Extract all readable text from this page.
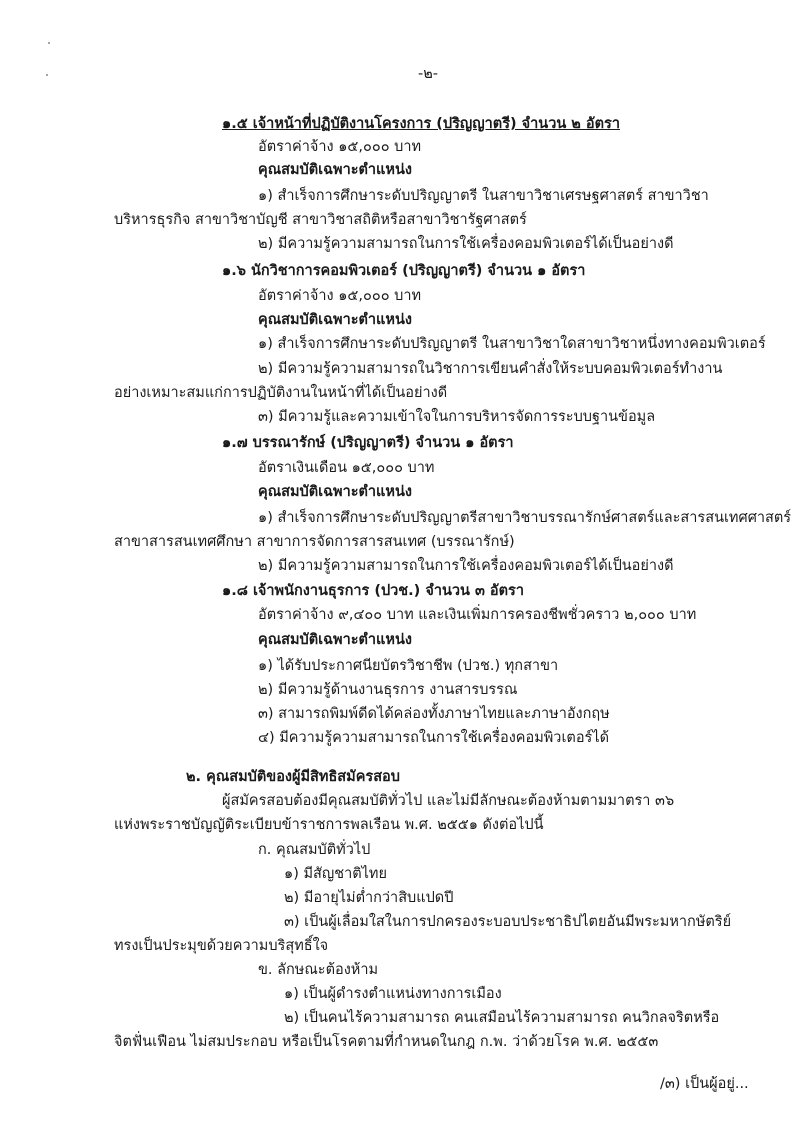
-๒-
๑.๕ เจ้าหน้าที่ปฏิบัติงานโครงการ (ปริญญาตรี) จำนวน ๒ อัตรา
อัตราค่าจ้าง ๑๕,๐๐๐ บาท
คุณสมบัติเฉพาะตำแหน่ง
๑) สำเร็จการศึกษาระดับปริญญาตรี ในสาขาวิชาเศรษฐศาสตร์ สาขาวิชา
บริหารธุรกิจ สาขาวิชาบัญชี สาขาวิชาสถิติหรือสาขาวิชารัฐศาสตร์
๒) มีความรู้ความสามารถในการใช้เครื่องคอมพิวเตอร์ได้เป็นอย่างดี
๑.๖ นักวิชาการคอมพิวเตอร์ (ปริญญาตรี) จำนวน ๑ อัตรา
อัตราค่าจ้าง ๑๕,๐๐๐ บาท
คุณสมบัติเฉพาะตำแหน่ง
๑) สำเร็จการศึกษาระดับปริญญาตรี ในสาขาวิชาใดสาขาวิชาหนึ่งทางคอมพิวเตอร์
๒) มีความรู้ความสามารถในวิชาการเขียนคำสั่งให้ระบบคอมพิวเตอร์ทำงาน
อย่างเหมาะสมแก่การปฏิบัติงานในหน้าที่ได้เป็นอย่างดี
๓) มีความรู้และความเข้าใจในการบริหารจัดการระบบฐานข้อมูล
๑.๗ บรรณารักษ์ (ปริญญาตรี) จำนวน ๑ อัตรา
อัตราเงินเดือน ๑๕,๐๐๐ บาท
คุณสมบัติเฉพาะตำแหน่ง
๑) สำเร็จการศึกษาระดับปริญญาตรีสาขาวิชาบรรณารักษ์ศาสตร์และสารสนเทศศาสตร์
สาขาสารสนเทศศึกษา สาขาการจัดการสารสนเทศ (บรรณารักษ์)
๒) มีความรู้ความสามารถในการใช้เครื่องคอมพิวเตอร์ได้เป็นอย่างดี
๑.๘ เจ้าพนักงานธุรการ (ปวช.) จำนวน ๓ อัตรา
อัตราค่าจ้าง ๙,๔๐๐ บาท และเงินเพิ่มการครองชีพชั่วคราว ๒,๐๐๐ บาท
คุณสมบัติเฉพาะตำแหน่ง
๑) ได้รับประกาศนียบัตรวิชาชีพ (ปวช.) ทุกสาขา
๒) มีความรู้ด้านงานธุรการ งานสารบรรณ
๓) สามารถพิมพ์ดีดได้คล่องทั้งภาษาไทยและภาษาอังกฤษ
๔) มีความรู้ความสามารถในการใช้เครื่องคอมพิวเตอร์ได้
๒. คุณสมบัติของผู้มีสิทธิสมัครสอบ
ผู้สมัครสอบต้องมีคุณสมบัติทั่วไป และไม่มีลักษณะต้องห้ามตามมาตรา ๓๖
แห่งพระราชบัญญัติระเบียบข้าราชการพลเรือน พ.ศ. ๒๕๕๑ ดังต่อไปนี้
ก. คุณสมบัติทั่วไป
๑) มีสัญชาติไทย
๒) มีอายุไม่ต่ำกว่าสิบแปดปี
๓) เป็นผู้เลื่อมใสในการปกครองระบอบประชาธิปไตยอันมีพระมหากษัตริย์
ทรงเป็นประมุขด้วยความบริสุทธิ์ใจ
ข. ลักษณะต้องห้าม
๑) เป็นผู้ดำรงตำแหน่งทางการเมือง
๒) เป็นคนไร้ความสามารถ คนเสมือนไร้ความสามารถ คนวิกลจริตหรือ
จิตฟั่นเฟือน ไม่สมประกอบ หรือเป็นโรคตามที่กำหนดในกฎ ก.พ. ว่าด้วยโรค พ.ศ. ๒๕๕๓
/๓) เป็นผู้อยู่...
